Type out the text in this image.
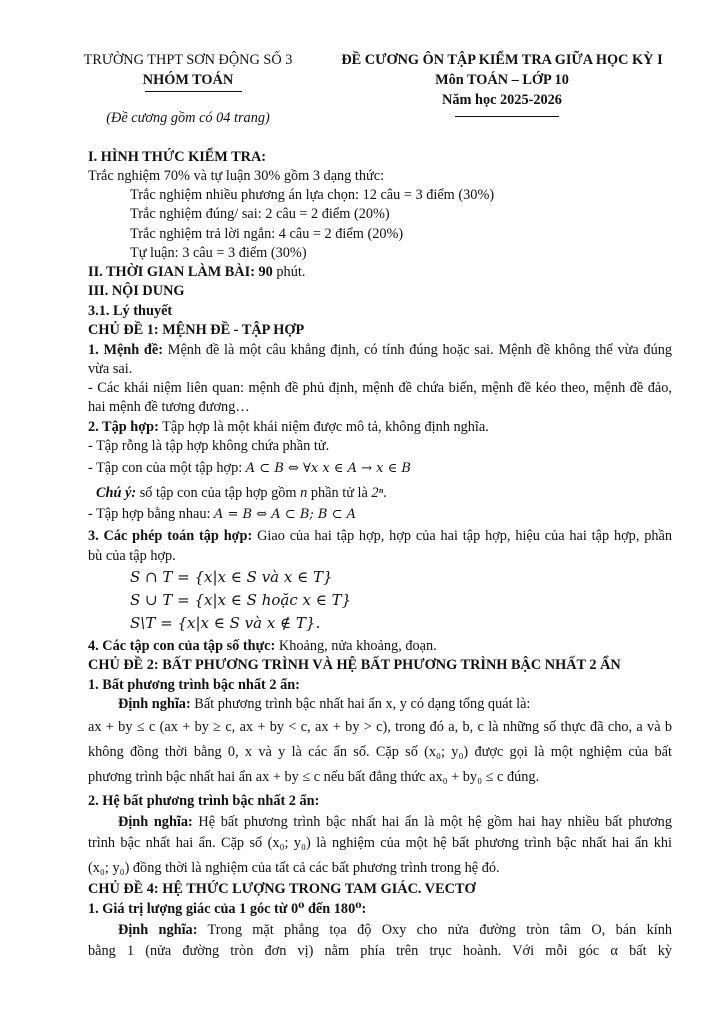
TRƯỜNG THPT SƠN ĐỘNG SỐ 3
NHÓM TOÁN
(Đề cương gồm có 04 trang)
ĐỀ CƯƠNG ÔN TẬP KIỂM TRA GIỮA HỌC KỲ I
Môn TOÁN – LỚP 10
Năm học 2025-2026
I. HÌNH THỨC KIỂM TRA:
Trắc nghiệm 70% và tự luận 30% gồm 3 dạng thức:
Trắc nghiệm nhiều phương án lựa chọn: 12 câu = 3 điểm (30%)
Trắc nghiệm đúng/ sai: 2 câu = 2 điểm (20%)
Trắc nghiệm trả lời ngắn: 4 câu = 2 điểm (20%)
Tự luận: 3 câu = 3 điểm (30%)
II. THỜI GIAN LÀM BÀI: 90 phút.
III. NỘI DUNG
3.1. Lý thuyết
CHỦ ĐỀ 1: MỆNH ĐỀ - TẬP HỢP
1. Mệnh đề: Mệnh đề là một câu khẳng định, có tính đúng hoặc sai. Mệnh đề không thể vừa đúng
vừa sai.
- Các khái niệm liên quan: mệnh đề phủ định, mệnh đề chứa biến, mệnh đề kéo theo, mệnh đề đảo,
hai mệnh đề tương đương…
2. Tập hợp: Tập hợp là một khái niệm được mô tả, không định nghĩa.
- Tập rỗng là tập hợp không chứa phần tử.
- Tập con của một tập hợp: A ⊂ B ⇔ ∀x x ∈ A → x ∈ B
Chú ý: số tập con của tập hợp gồm n phần tử là 2ⁿ.
- Tập hợp bằng nhau: A = B ⇔ A ⊂ B; B ⊂ A
3. Các phép toán tập hợp: Giao của hai tập hợp, hợp của hai tập hợp, hiệu của hai tập hợp, phần
bù của tập hợp.
S ∩ T = {x|x ∈ S và x ∈ T}
S ∪ T = {x|x ∈ S hoặc x ∈ T}
S\T = {x|x ∈ S và x ∉ T}.
4. Các tập con của tập số thực: Khoảng, nửa khoảng, đoạn.
CHỦ ĐỀ 2: BẤT PHƯƠNG TRÌNH VÀ HỆ BẤT PHƯƠNG TRÌNH BẬC NHẤT 2 ẨN
1. Bất phương trình bậc nhất 2 ẩn:
Định nghĩa: Bất phương trình bậc nhất hai ẩn x, y có dạng tổng quát là:
ax + by ≤ c (ax + by ≥ c, ax + by < c, ax + by > c), trong đó a, b, c là những số thực đã cho, a và b
không đồng thời bằng 0, x và y là các ẩn số. Cặp số (x₀; y₀) được gọi là một nghiệm của bất
phương trình bậc nhất hai ẩn ax + by ≤ c nếu bất đẳng thức ax₀ + by₀ ≤ c đúng.
2. Hệ bất phương trình bậc nhất 2 ẩn:
Định nghĩa: Hệ bất phương trình bậc nhất hai ẩn là một hệ gồm hai hay nhiều bất phương
trình bậc nhất hai ẩn. Cặp số (x₀; y₀) là nghiệm của một hệ bất phương trình bậc nhất hai ẩn khi
(x₀; y₀) đồng thời là nghiệm của tất cả các bất phương trình trong hệ đó.
CHỦ ĐỀ 4: HỆ THỨC LƯỢNG TRONG TAM GIÁC. VECTƠ
1. Giá trị lượng giác của 1 góc từ 0⁰ đến 180⁰:
Định nghĩa: Trong mặt phẳng tọa độ Oxy cho nửa đường tròn tâm O, bán kính
bằng 1 (nửa đường tròn đơn vị) nằm phía trên trục hoành. Với mỗi góc α bất kỳ
